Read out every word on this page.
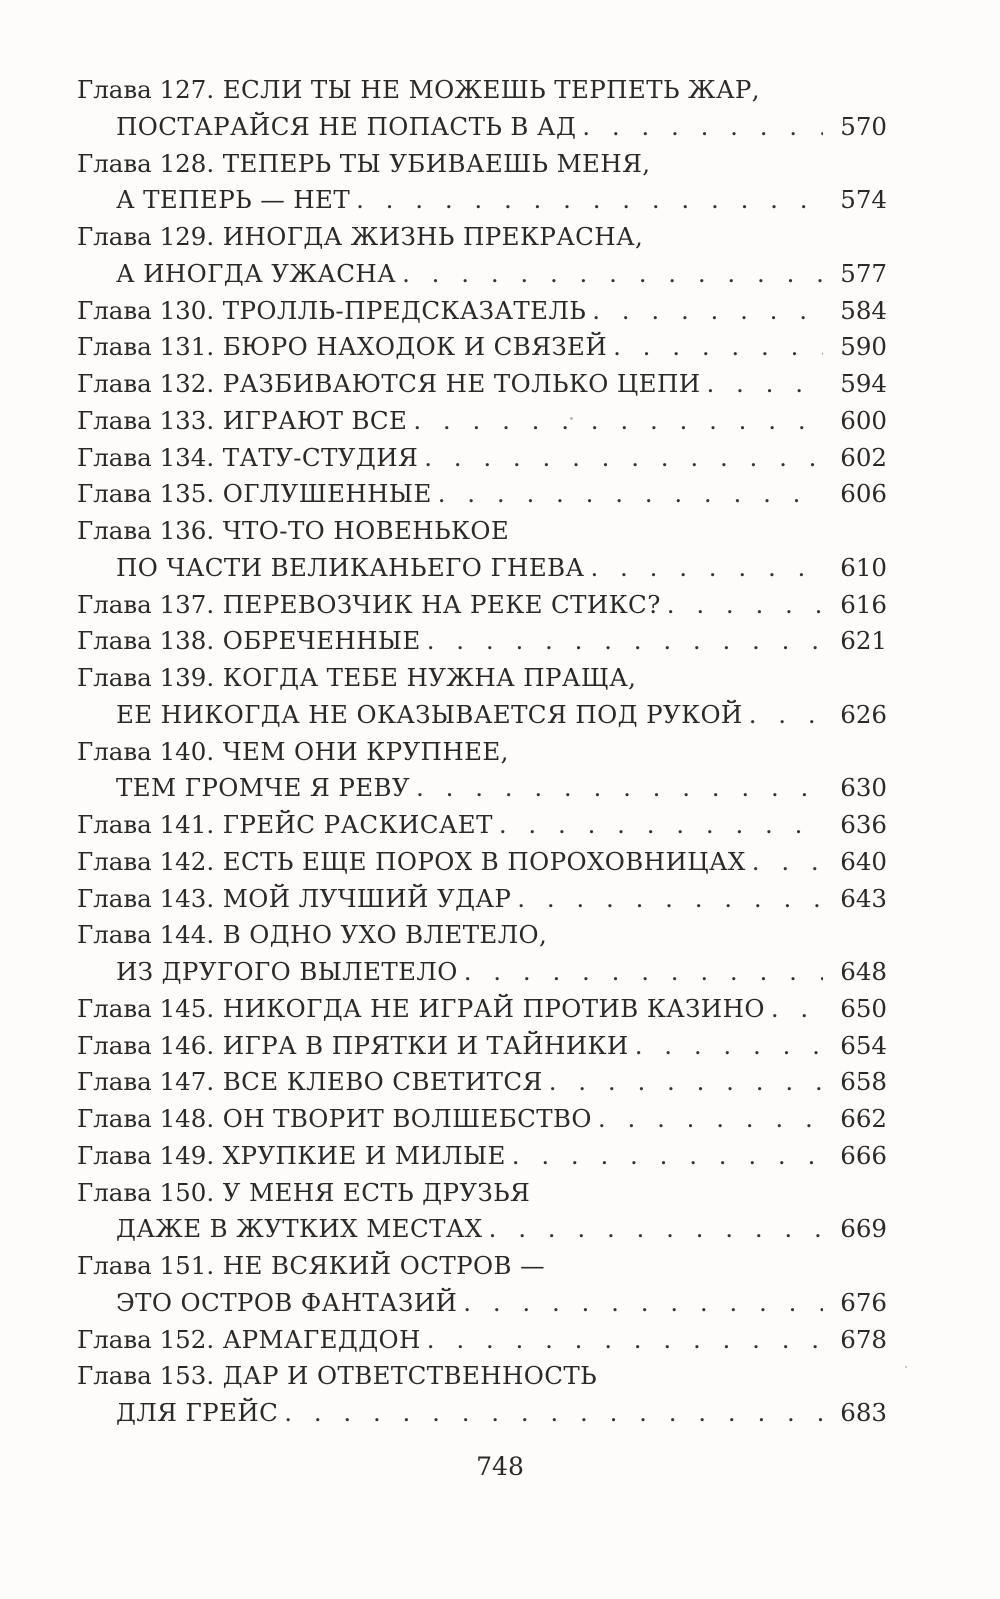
Глава 127. ЕСЛИ ТЫ НЕ МОЖЕШЬ ТЕРПЕТЬ ЖАР,
ПОСТАРАЙСЯ НЕ ПОПАСТЬ В АД . . .	570
Глава 128. ТЕПЕРЬ ТЫ УБИВАЕШЬ МЕНЯ,
А ТЕПЕРЬ — НЕТ . . .	574
Глава 129. ИНОГДА ЖИЗНЬ ПРЕКРАСНА,
А ИНОГДА УЖАСНА . . .	577
Глава 130. ТРОЛЛЬ-ПРЕДСКАЗАТЕЛЬ . . .	584
Глава 131. БЮРО НАХОДОК И СВЯЗЕЙ . . .	590
Глава 132. РАЗБИВАЮТСЯ НЕ ТОЛЬКО ЦЕПИ . . .	594
Глава 133. ИГРАЮТ ВСЕ . . .	600
Глава 134. ТАТУ-СТУДИЯ . . .	602
Глава 135. ОГЛУШЕННЫЕ . . .	606
Глава 136. ЧТО-ТО НОВЕНЬКОЕ
ПО ЧАСТИ ВЕЛИКАНЬЕГО ГНЕВА . . .	610
Глава 137. ПЕРЕВОЗЧИК НА РЕКЕ СТИКС? . . .	616
Глава 138. ОБРЕЧЕННЫЕ . . .	621
Глава 139. КОГДА ТЕБЕ НУЖНА ПРАЩА,
ЕЕ НИКОГДА НЕ ОКАЗЫВАЕТСЯ ПОД РУКОЙ . . .	626
Глава 140. ЧЕМ ОНИ КРУПНЕЕ,
ТЕМ ГРОМЧЕ Я РЕВУ . . .	630
Глава 141. ГРЕЙС РАСКИСАЕТ . . .	636
Глава 142. ЕСТЬ ЕЩЕ ПОРОХ В ПОРОХОВНИЦАХ . . .	640
Глава 143. МОЙ ЛУЧШИЙ УДАР . . .	643
Глава 144. В ОДНО УХО ВЛЕТЕЛО,
ИЗ ДРУГОГО ВЫЛЕТЕЛО . . .	648
Глава 145. НИКОГДА НЕ ИГРАЙ ПРОТИВ КАЗИНО . . .	650
Глава 146. ИГРА В ПРЯТКИ И ТАЙНИКИ . . .	654
Глава 147. ВСЕ КЛЕВО СВЕТИТСЯ . . .	658
Глава 148. ОН ТВОРИТ ВОЛШЕБСТВО . . .	662
Глава 149. ХРУПКИЕ И МИЛЫЕ . . .	666
Глава 150. У МЕНЯ ЕСТЬ ДРУЗЬЯ
ДАЖЕ В ЖУТКИХ МЕСТАХ . . .	669
Глава 151. НЕ ВСЯКИЙ ОСТРОВ —
ЭТО ОСТРОВ ФАНТАЗИЙ . . .	676
Глава 152. АРМАГЕДДОН . . .	678
Глава 153. ДАР И ОТВЕТСТВЕННОСТЬ
ДЛЯ ГРЕЙС . . .	683
748
